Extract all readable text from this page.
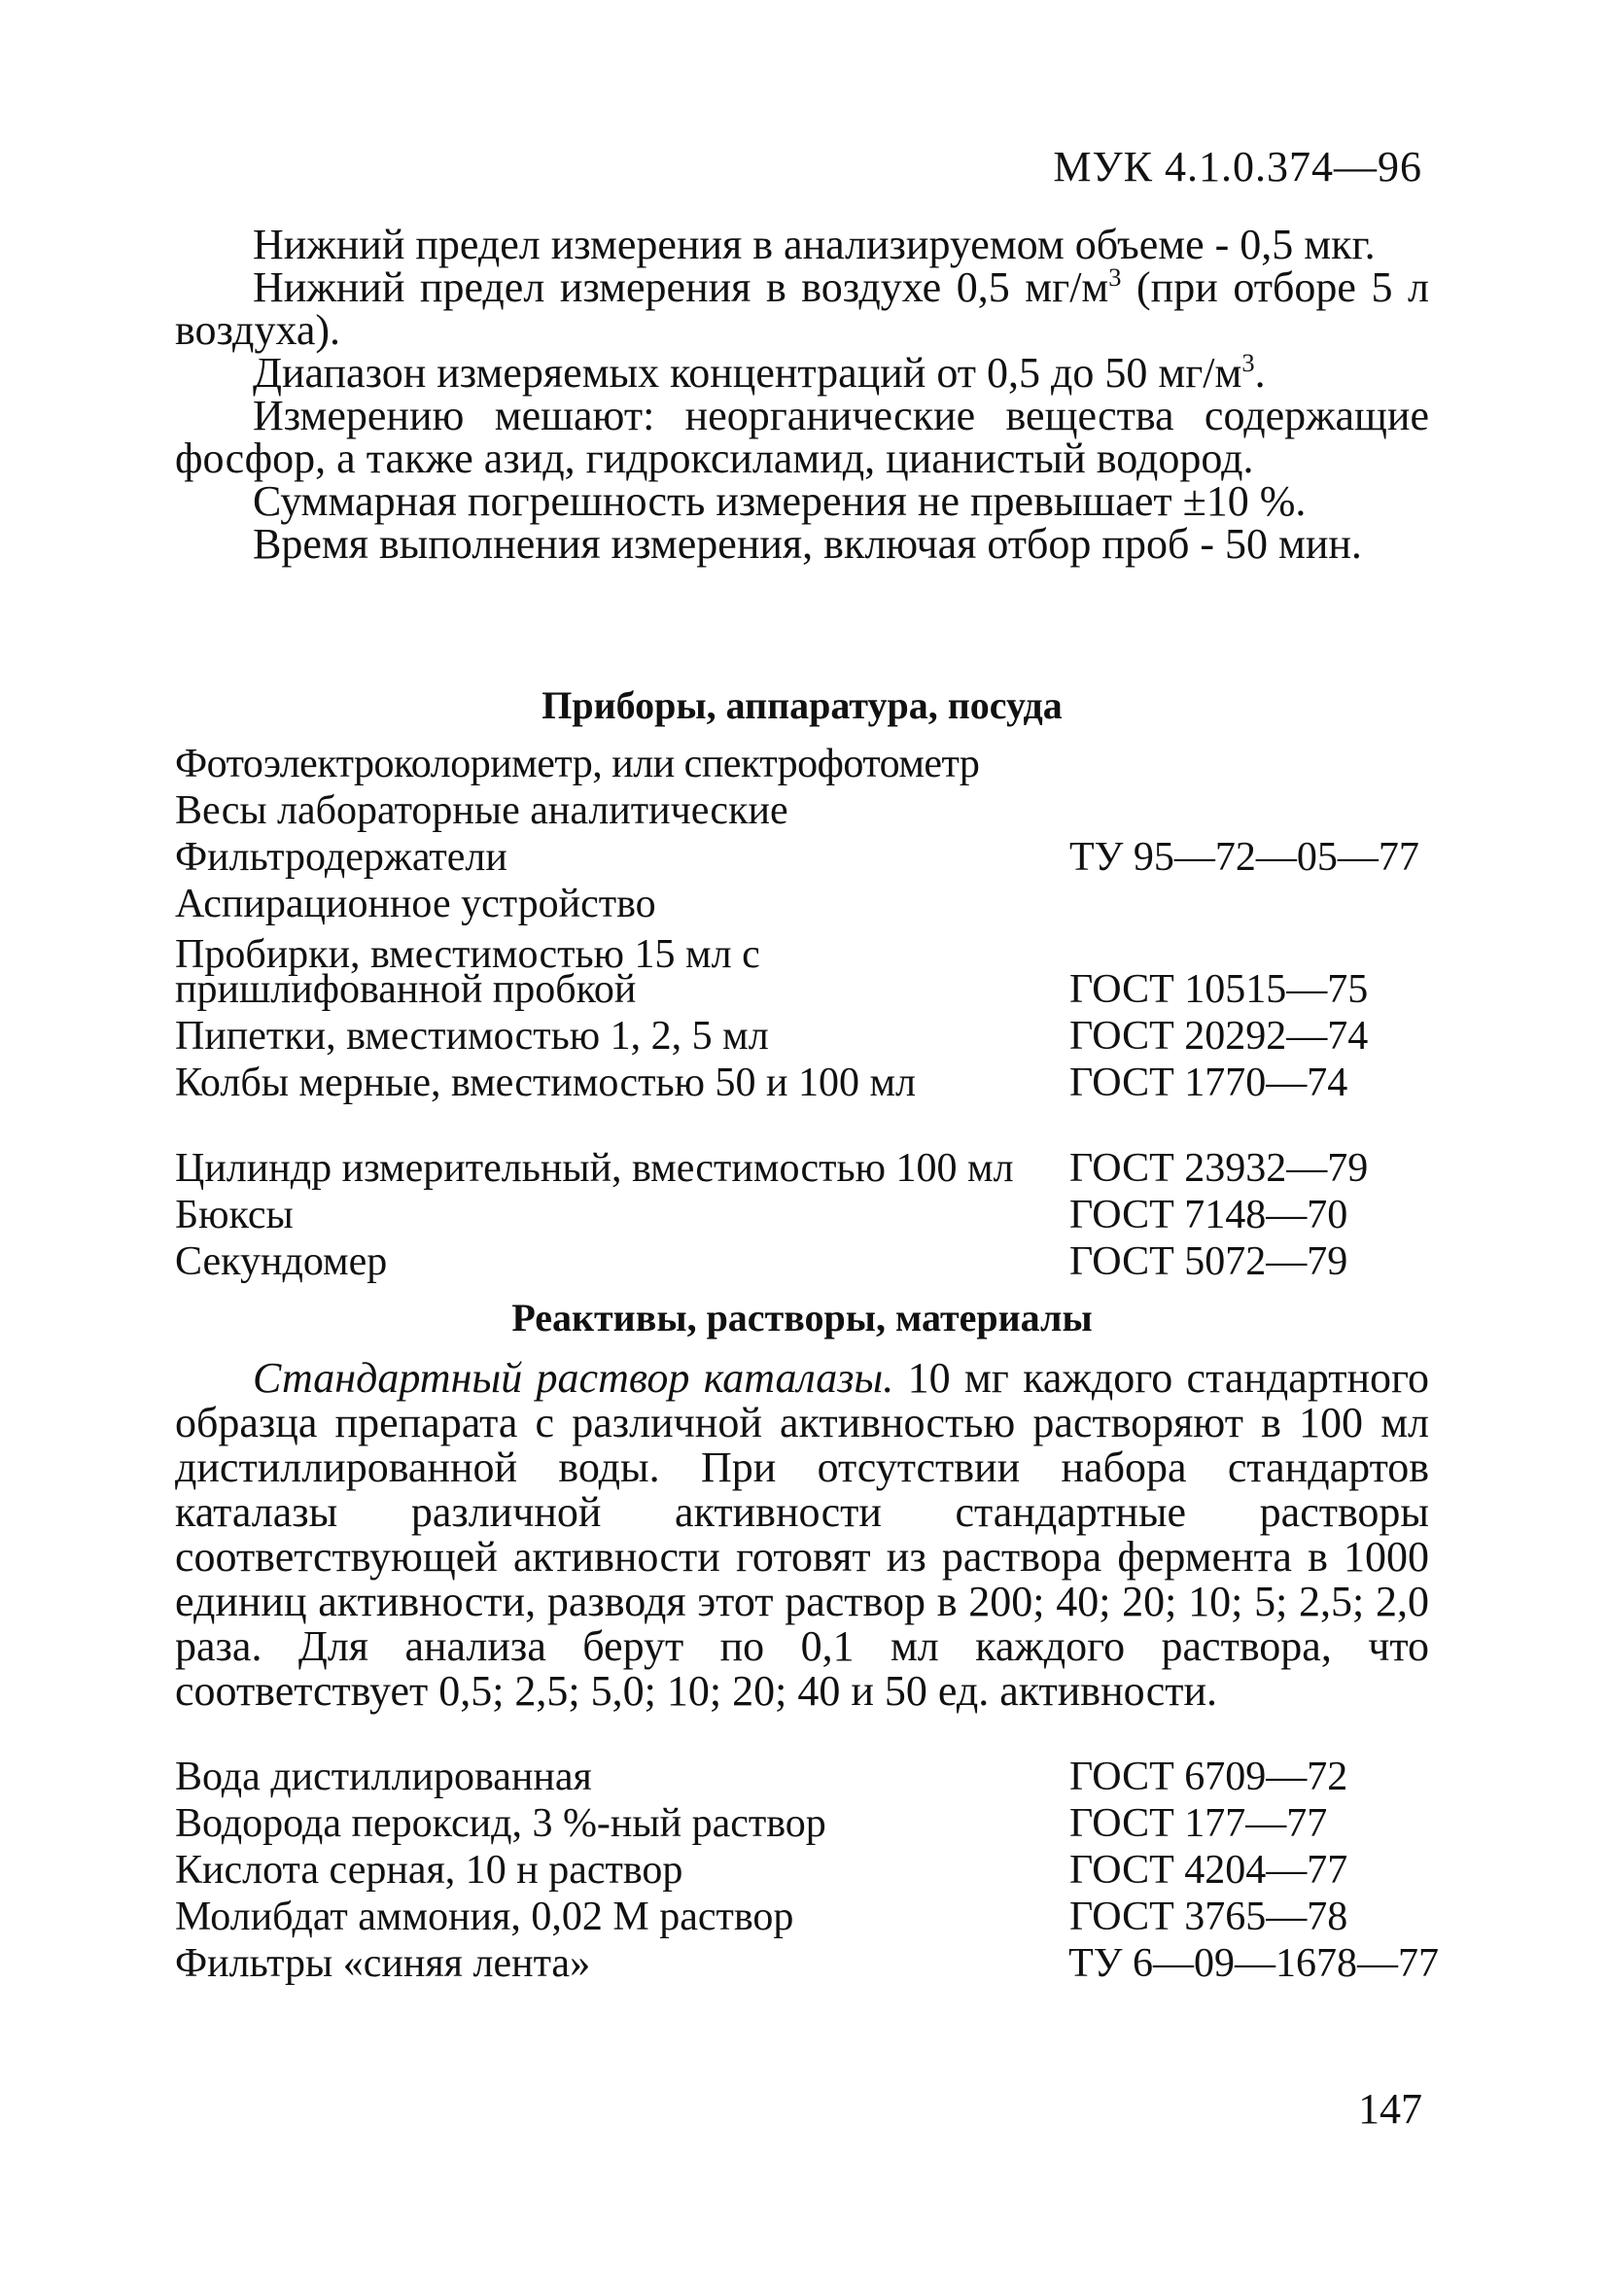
МУК 4.1.0.374—96

Нижний предел измерения в анализируемом объеме - 0,5 мкг.

Нижний предел измерения в воздухе 0,5 $мг/м^3$ (при отборе 5 л воздуха).

Диапазон измеряемых концентраций от 0,5 до 50 $мг/м^3$.

Измерению мешают: неорганические вещества содержащие фосфор, а также азид, гидроксиламид, цианистый водород.

Суммарная погрешность измерения не превышает ±10 %.

Время выполнения измерения, включая отбор проб - 50 мин.

Приборы, аппаратура, посуда
Фотоэлектроколориметр, или спектрофотометр
Весы лабораторные аналитические
Фильтродержатели	ТУ 95—72—05—77
Аспирационное устройство
Пробирки, вместимостью 15 мл с пришлифованной пробкой	ГОСТ 10515—75
Пипетки, вместимостью 1, 2, 5 мл	ГОСТ 20292—74
Колбы мерные, вместимостью 50 и 100 мл	ГОСТ 1770—74
Цилиндр измерительный, вместимостью 100 мл	ГОСТ 23932—79
Бюксы	ГОСТ 7148—70
Секундомер	ГОСТ 5072—79
Реактивы, растворы, материалы

Стандартный раствор каталазы. 10 мг каждого стандартного образца препарата с различной активностью растворяют в 100 мл дистиллированной воды. При отсутствии набора стандартов каталазы различной активности стандартные растворы соответствующей активности готовят из раствора фермента в 1000 единиц активности, разводя этот раствор в 200; 40; 20; 10; 5; 2,5; 2,0 раза. Для анализа берут по 0,1 мл каждого раствора, что соответствует 0,5; 2,5; 5,0; 10; 20; 40 и 50 ед. активности.

Вода дистиллированная	ГОСТ 6709—72
Водорода пероксид, 3 %-ный раствор	ГОСТ 177—77
Кислота серная, 10 н раствор	ГОСТ 4204—77
Молибдат аммония, 0,02 М раствор	ГОСТ 3765—78
Фильтры «синяя лента»	ТУ 6—09—1678—77
147
